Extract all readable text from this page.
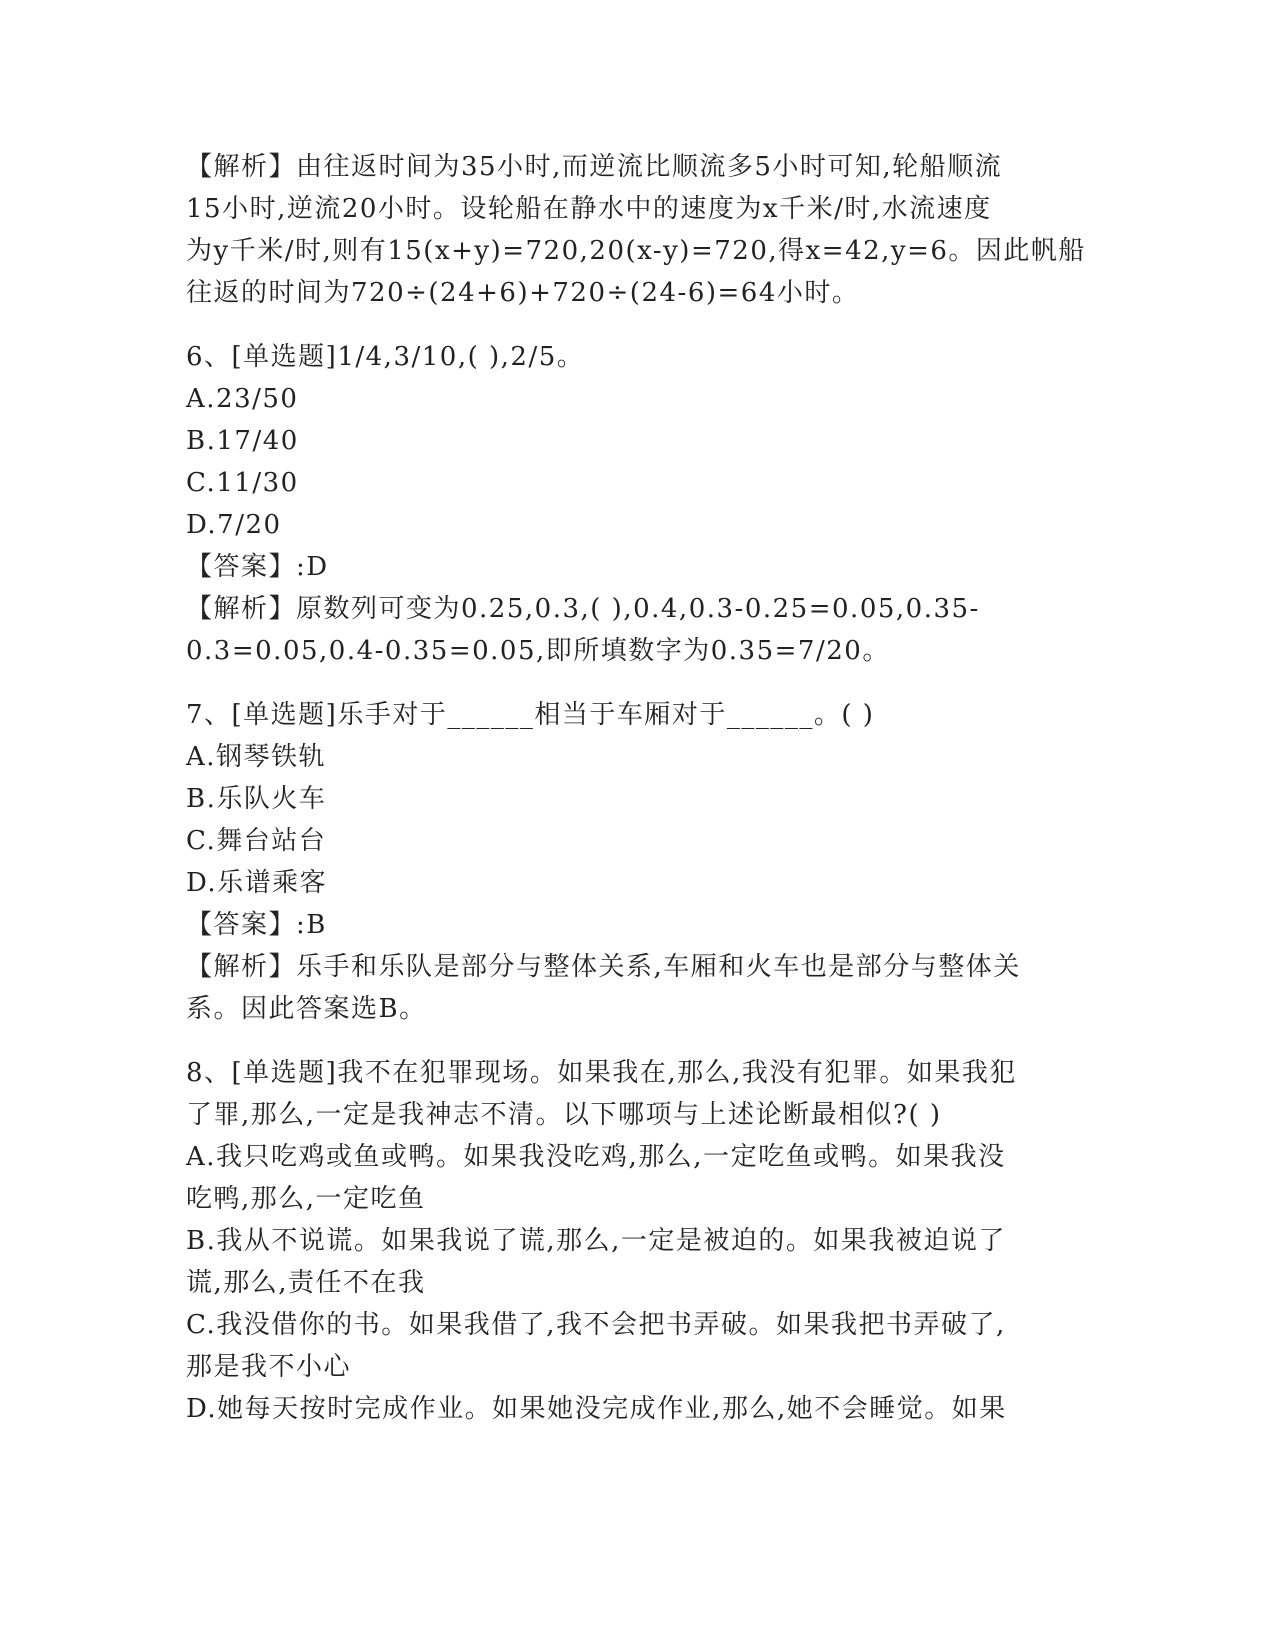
【解析】由往返时间为35小时,而逆流比顺流多5小时可知,轮船顺流
15小时,逆流20小时。设轮船在静水中的速度为x千米/时,水流速度
为y千米/时,则有15(x+y)=720,20(x-y)=720,得x=42,y=6。因此帆船
往返的时间为720÷(24+6)+720÷(24-6)=64小时。
6、[单选题]1/4,3/10,( ),2/5。
A.23/50
B.17/40
C.11/30
D.7/20
【答案】:D
【解析】原数列可变为0.25,0.3,( ),0.4,0.3-0.25=0.05,0.35-
0.3=0.05,0.4-0.35=0.05,即所填数字为0.35=7/20。
7、[单选题]乐手对于______相当于车厢对于______。( )
A.钢琴铁轨
B.乐队火车
C.舞台站台
D.乐谱乘客
【答案】:B
【解析】乐手和乐队是部分与整体关系,车厢和火车也是部分与整体关
系。因此答案选B。
8、[单选题]我不在犯罪现场。如果我在,那么,我没有犯罪。如果我犯
了罪,那么,一定是我神志不清。以下哪项与上述论断最相似?( )
A.我只吃鸡或鱼或鸭。如果我没吃鸡,那么,一定吃鱼或鸭。如果我没
吃鸭,那么,一定吃鱼
B.我从不说谎。如果我说了谎,那么,一定是被迫的。如果我被迫说了
谎,那么,责任不在我
C.我没借你的书。如果我借了,我不会把书弄破。如果我把书弄破了,
那是我不小心
D.她每天按时完成作业。如果她没完成作业,那么,她不会睡觉。如果
